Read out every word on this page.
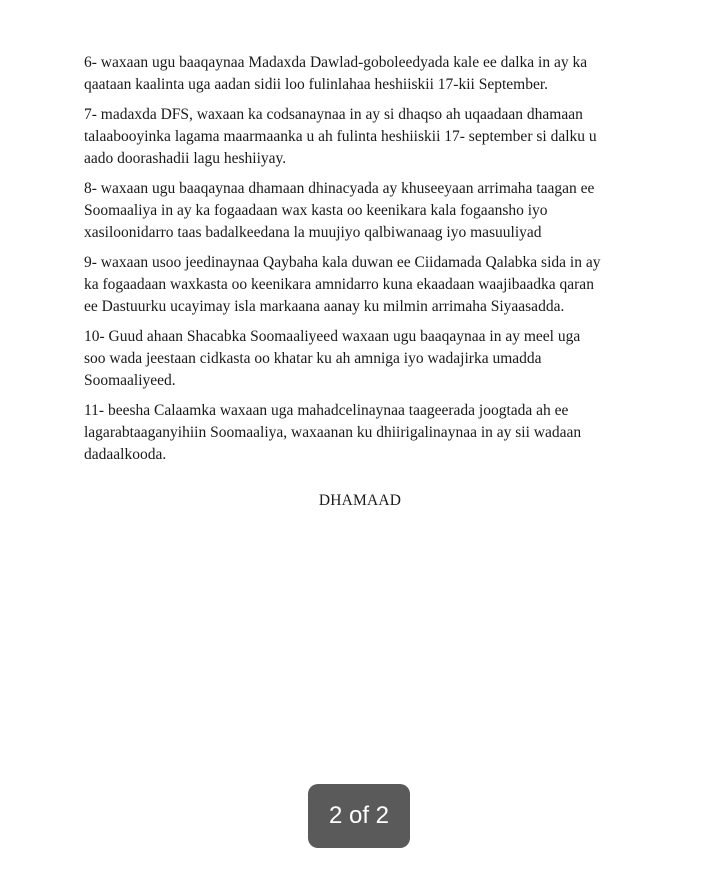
6- waxaan ugu baaqaynaa Madaxda Dawlad-goboleedyada kale ee dalka in ay ka
qaataan kaalinta uga aadan sidii loo fulinlahaa heshiiskii 17-kii September.

7- madaxda DFS, waxaan ka codsanaynaa in ay si dhaqso ah uqaadaan dhamaan
talaabooyinka lagama maarmaanka u ah fulinta heshiiskii 17- september si dalku u
aado doorashadii lagu heshiiyay.

8- waxaan ugu baaqaynaa dhamaan dhinacyada ay khuseeyaan arrimaha taagan ee
Soomaaliya in ay ka fogaadaan wax kasta oo keenikara kala fogaansho iyo
xasiloonidarro taas badalkeedana la muujiyo qalbiwanaag iyo masuuliyad

9- waxaan usoo jeedinaynaa Qaybaha kala duwan ee Ciidamada Qalabka sida in ay
ka fogaadaan waxkasta oo keenikara amnidarro kuna ekaadaan waajibaadka qaran
ee Dastuurku ucayimay isla markaana aanay ku milmin arrimaha Siyaasadda.

10- Guud ahaan Shacabka Soomaaliyeed waxaan ugu baaqaynaa in ay meel uga
soo wada jeestaan cidkasta oo khatar ku ah amniga iyo wadajirka umadda
Soomaaliyeed.

11- beesha Calaamka waxaan uga mahadcelinaynaa taageerada joogtada ah ee
lagarabtaaganyihiin Soomaaliya, waxaanan ku dhiirigalinaynaa in ay sii wadaan
dadaalkooda.

DHAMAAD
2 of 2
